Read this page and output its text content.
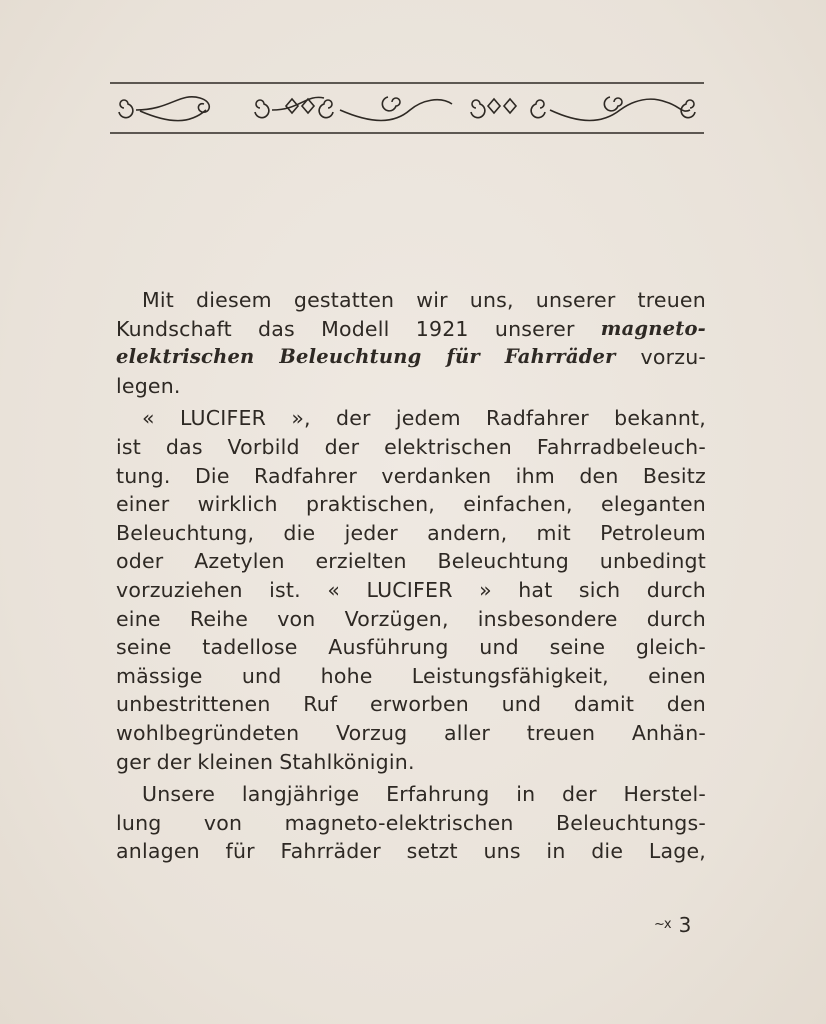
Mit diesem gestatten wir uns, unserer treuen
Kundschaft das Modell 1921 unserer magneto-
elektrischen Beleuchtung für Fahrräder vorzu-
legen.
« LUCIFER », der jedem Radfahrer bekannt,
ist das Vorbild der elektrischen Fahrradbeleuch-
tung. Die Radfahrer verdanken ihm den Besitz
einer wirklich praktischen, einfachen, eleganten
Beleuchtung, die jeder andern, mit Petroleum
oder Azetylen erzielten Beleuchtung unbedingt
vorzuziehen ist. « LUCIFER » hat sich durch
eine Reihe von Vorzügen, insbesondere durch
seine tadellose Ausführung und seine gleich-
mässige und hohe Leistungsfähigkeit, einen
unbestrittenen Ruf erworben und damit den
wohlbegründeten Vorzug aller treuen Anhän-
ger der kleinen Stahlkönigin.
Unsere langjährige Erfahrung in der Herstel-
lung von magneto-elektrischen Beleuchtungs-
anlagen für Fahrräder setzt uns in die Lage,
$^{\sim x}$ 3
